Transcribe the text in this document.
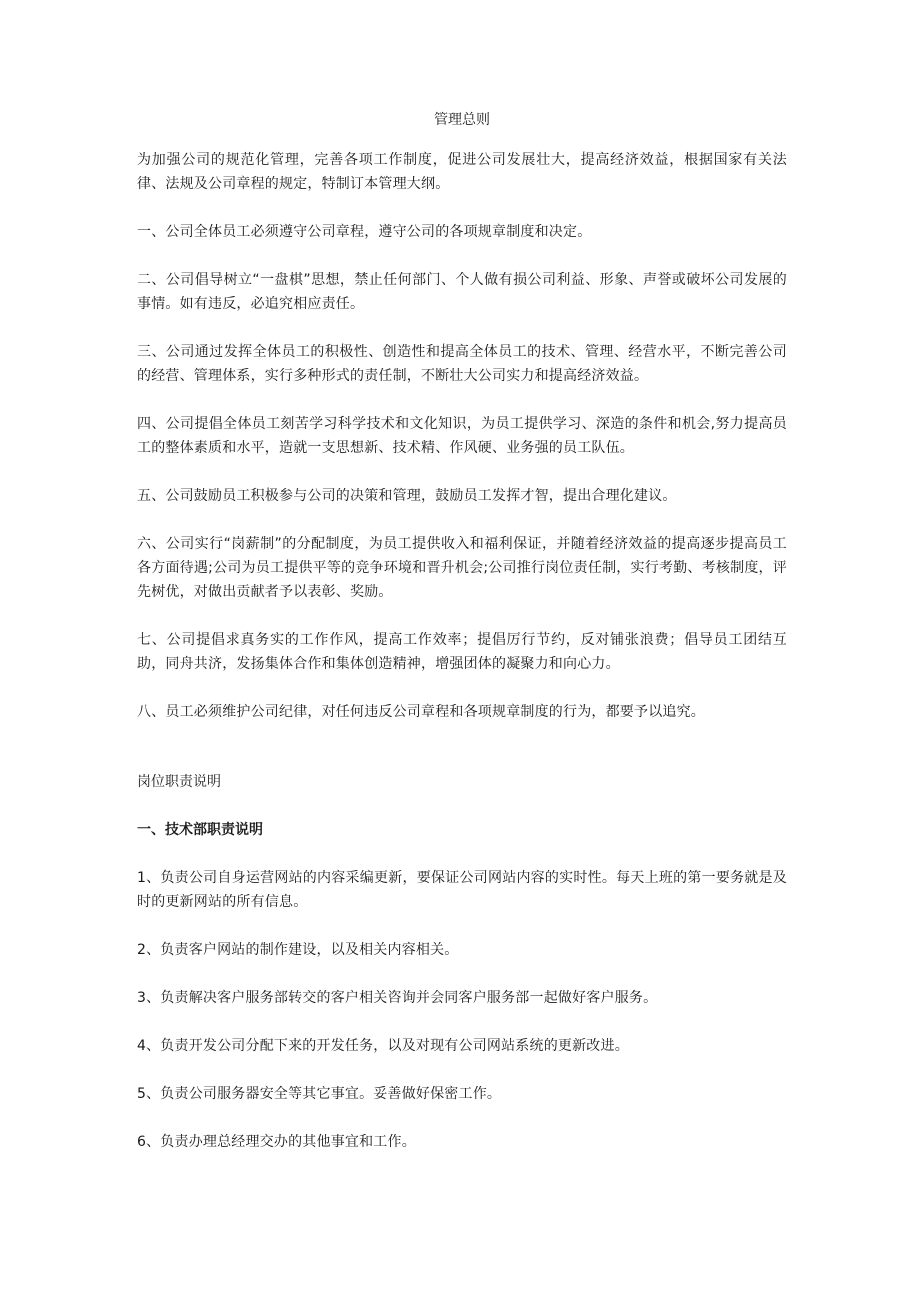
管理总则

为加强公司的规范化管理，完善各项工作制度，促进公司发展壮大，提高经济效益，根据国家有关法律、法规及公司章程的规定，特制订本管理大纲。

一、公司全体员工必须遵守公司章程，遵守公司的各项规章制度和决定。

二、公司倡导树立“一盘棋”思想，禁止任何部门、个人做有损公司利益、形象、声誉或破坏公司发展的事情。如有违反，必追究相应责任。

三、公司通过发挥全体员工的积极性、创造性和提高全体员工的技术、管理、经营水平，不断完善公司的经营、管理体系，实行多种形式的责任制，不断壮大公司实力和提高经济效益。

四、公司提倡全体员工刻苦学习科学技术和文化知识，为员工提供学习、深造的条件和机会,努力提高员工的整体素质和水平，造就一支思想新、技术精、作风硬、业务强的员工队伍。

五、公司鼓励员工积极参与公司的决策和管理，鼓励员工发挥才智，提出合理化建议。

六、公司实行“岗薪制”的分配制度，为员工提供收入和福利保证，并随着经济效益的提高逐步提高员工各方面待遇;公司为员工提供平等的竞争环境和晋升机会;公司推行岗位责任制，实行考勤、考核制度，评先树优，对做出贡献者予以表彰、奖励。

七、公司提倡求真务实的工作作风，提高工作效率；提倡厉行节约，反对铺张浪费；倡导员工团结互助，同舟共济，发扬集体合作和集体创造精神，增强团体的凝聚力和向心力。

八、员工必须维护公司纪律，对任何违反公司章程和各项规章制度的行为，都要予以追究。

岗位职责说明
一、技术部职责说明

1、负责公司自身运营网站的内容采编更新，要保证公司网站内容的实时性。每天上班的第一要务就是及时的更新网站的所有信息。

2、负责客户网站的制作建设，以及相关内容相关。

3、负责解决客户服务部转交的客户相关咨询并会同客户服务部一起做好客户服务。

4、负责开发公司分配下来的开发任务，以及对现有公司网站系统的更新改进。

5、负责公司服务器安全等其它事宜。妥善做好保密工作。

6、负责办理总经理交办的其他事宜和工作。
